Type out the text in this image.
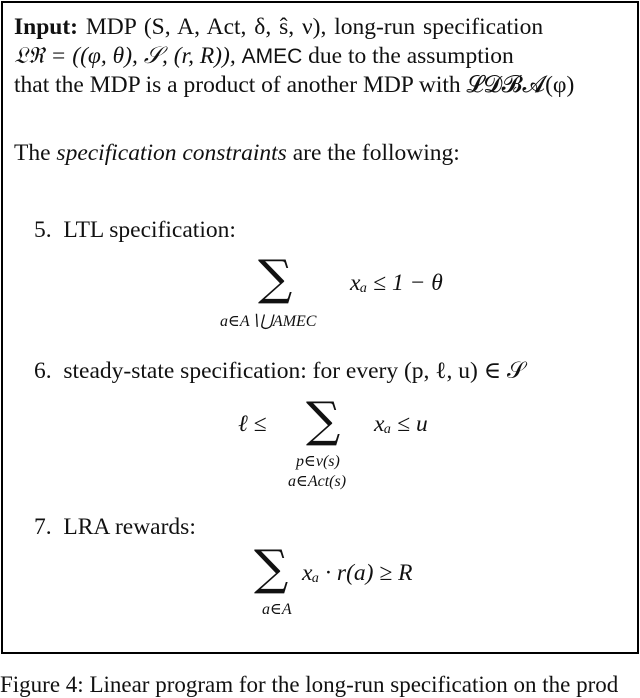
Input: MDP (S, A, Act, δ, ŝ, ν), long-run specification
𝔏ℜ = ((φ, θ), 𝒮, (r, R)), AMEC due to the assumption
that the MDP is a product of another MDP with 𝓛𝓓𝓑𝓐(φ)
The specification constraints are the following:
5. LTL specification:
∑
a∈A∖⋃AMEC
xₐ ≤ 1 − θ
6. steady-state specification: for every (p, ℓ, u) ∈ 𝒮
ℓ ≤ ∑
p∈ν(s)
a∈Act(s)
xₐ ≤ u
7. LRA rewards:
∑
a∈A
xₐ · r(a) ≥ R
Figure 4: Linear program for the long-run specification on the prod
